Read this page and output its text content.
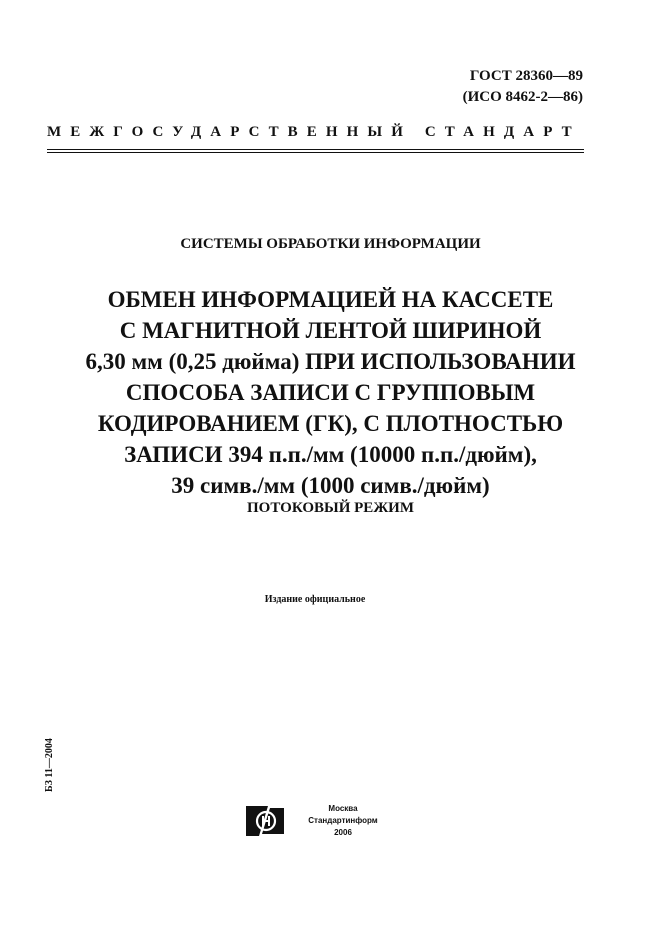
ГОСТ 28360—89
(ИСО 8462-2—86)
МЕЖГОСУДАРСТВЕННЫЙ СТАНДАРТ
СИСТЕМЫ ОБРАБОТКИ ИНФОРМАЦИИ
ОБМЕН ИНФОРМАЦИЕЙ НА КАССЕТЕ
С МАГНИТНОЙ ЛЕНТОЙ ШИРИНОЙ
6,30 мм (0,25 дюйма) ПРИ ИСПОЛЬЗОВАНИИ
СПОСОБА ЗАПИСИ С ГРУППОВЫМ
КОДИРОВАНИЕМ (ГК), С ПЛОТНОСТЬЮ
ЗАПИСИ 394 п.п./мм (10000 п.п./дюйм),
39 симв./мм (1000 симв./дюйм)
ПОТОКОВЫЙ РЕЖИМ
Издание официальное
БЗ 11—2004
Москва
Стандартинформ
2006
